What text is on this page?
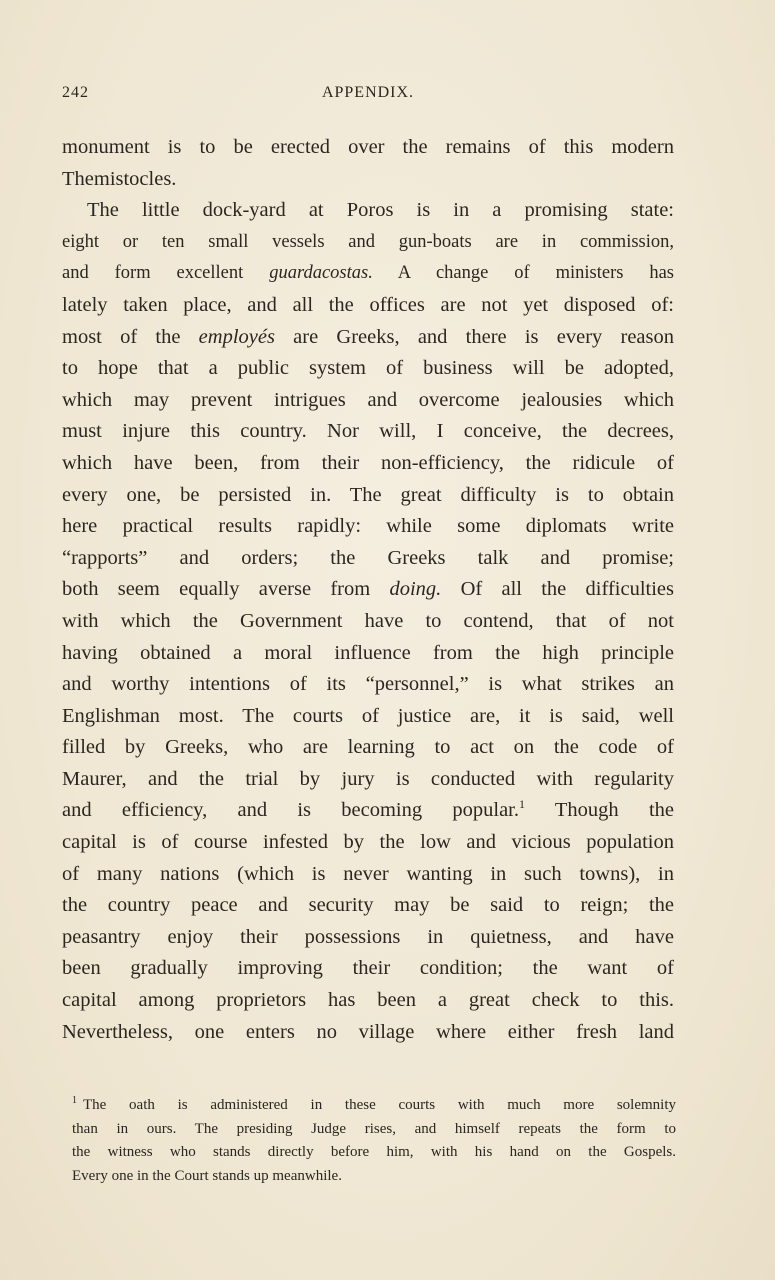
242	APPENDIX.
monument is to be erected over the remains of this modern
Themistocles.
The little dock-yard at Poros is in a promising state:
eight or ten small vessels and gun-boats are in commission,
and form excellent guardacostas. A change of ministers has
lately taken place, and all the offices are not yet disposed of:
most of the employés are Greeks, and there is every reason
to hope that a public system of business will be adopted,
which may prevent intrigues and overcome jealousies which
must injure this country. Nor will, I conceive, the decrees,
which have been, from their non-efficiency, the ridicule of
every one, be persisted in. The great difficulty is to obtain
here practical results rapidly: while some diplomats write
“rapports” and orders; the Greeks talk and promise;
both seem equally averse from doing. Of all the difficulties
with which the Government have to contend, that of not
having obtained a moral influence from the high principle
and worthy intentions of its “personnel,” is what strikes an
Englishman most. The courts of justice are, it is said, well
filled by Greeks, who are learning to act on the code of
Maurer, and the trial by jury is conducted with regularity
and efficiency, and is becoming popular.$^1$ Though the
capital is of course infested by the low and vicious population
of many nations (which is never wanting in such towns), in
the country peace and security may be said to reign; the
peasantry enjoy their possessions in quietness, and have
been gradually improving their condition; the want of
capital among proprietors has been a great check to this.
Nevertheless, one enters no village where either fresh land
$^1$ The oath is administered in these courts with much more solemnity
than in ours. The presiding Judge rises, and himself repeats the form to
the witness who stands directly before him, with his hand on the Gospels.
Every one in the Court stands up meanwhile.
